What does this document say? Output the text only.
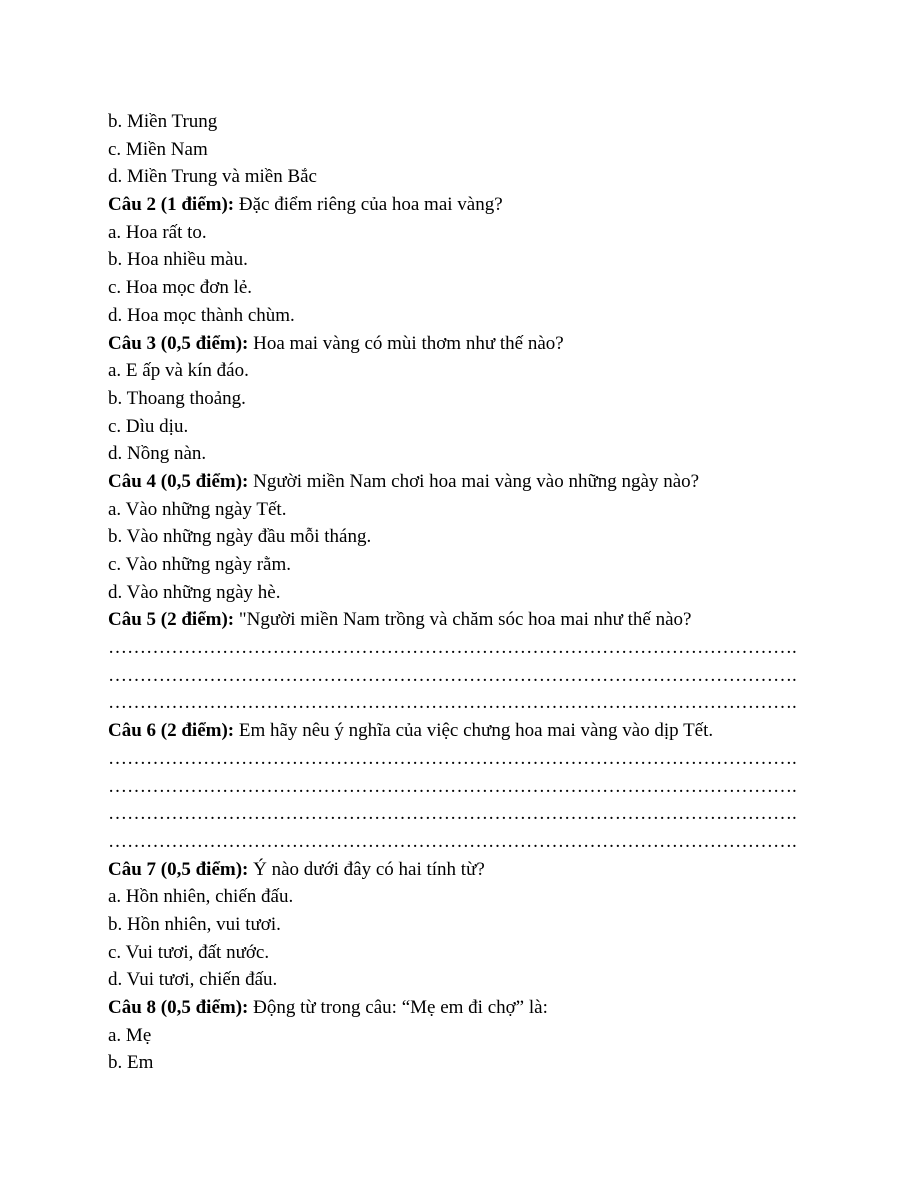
b. Miền Trung
c. Miền Nam
d. Miền Trung và miền Bắc
Câu 2 (1 điểm): Đặc điểm riêng của hoa mai vàng?
a. Hoa rất to.
b. Hoa nhiều màu.
c. Hoa mọc đơn lẻ.
d. Hoa mọc thành chùm.
Câu 3 (0,5 điểm): Hoa mai vàng có mùi thơm như thế nào?
a. E ấp và kín đáo.
b. Thoang thoảng.
c. Dìu dịu.
d. Nồng nàn.
Câu 4 (0,5 điểm): Người miền Nam chơi hoa mai vàng vào những ngày nào?
a. Vào những ngày Tết.
b. Vào những ngày đầu mỗi tháng.
c. Vào những ngày rằm.
d. Vào những ngày hè.
Câu 5 (2 điểm): "Người miền Nam trồng và chăm sóc hoa mai như thế nào?
……………………………………………………………………………………………….
……………………………………………………………………………………………….
……………………………………………………………………………………………….
Câu 6 (2 điểm): Em hãy nêu ý nghĩa của việc chưng hoa mai vàng vào dịp Tết.
……………………………………………………………………………………………….
……………………………………………………………………………………………….
……………………………………………………………………………………………….
……………………………………………………………………………………………….
Câu 7 (0,5 điểm): Ý nào dưới đây có hai tính từ?
a. Hồn nhiên, chiến đấu.
b. Hồn nhiên, vui tươi.
c. Vui tươi, đất nước.
d. Vui tươi, chiến đấu.
Câu 8 (0,5 điểm): Động từ trong câu: “Mẹ em đi chợ” là:
a. Mẹ
b. Em
